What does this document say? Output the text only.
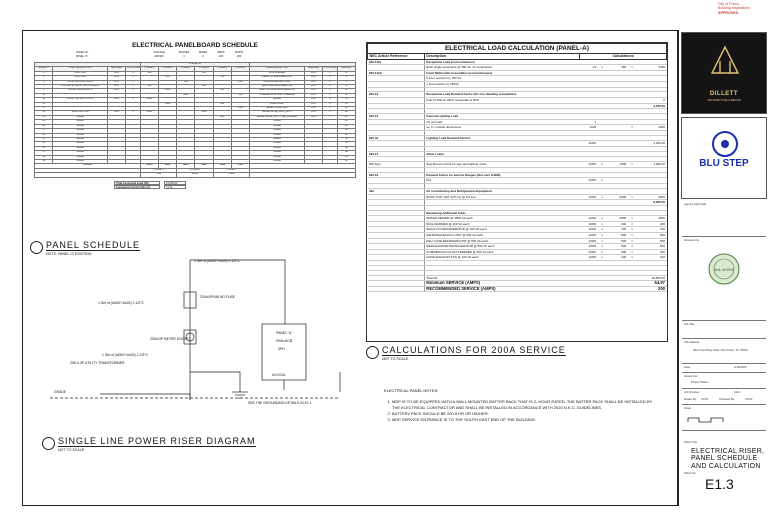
City of Frisco
Building Inspections
APPROVED
ELECTRICAL PANELBOARD SCHEDULE
PANEL ID	VOLTAGE	PHASES	WIRES	AMPS	MAINS
PANEL "A"	208/120	3	4	225	200
				PHASE VA									
BRANCH	LOAD DESCRIPTION	BREAKER	# OF POLES	PHASE A	PHASE B	PHASE C	PHASE A	PHASE B	PHASE C	LOAD DESCRIPTION	BREAKER	# OF POLES	BRANCH
1	LIGHTING	20 A	1	600			200			RICE WARMER	20 A	1	2
3	LIGHTING	20 A	1		300			700		REACH IN REFRIGERATOR	20 A	1	4
5	TOILET EXHAUST FAN 1	20 A	1			100			800	MICROWAVE/HALO UNIT	20 A	1	6
7	KITCHEN EXHAUST FAN 1/2/3/4/5/6	20 A	1	550			500			DELI CASE REFRIGERATOR	20 A	1	8
9	WATER HEATER WH-1	20 A	1		4500			500		MERCHANDISE REFRIGERATOR	20 A	1	10
11						4500			500	COMMERCIAL FILLET FREEZER	20 A	1	12
13	ROOF TOP UNIT, RTU-1	30 A	2	3000						SPARE	20 A	1	14
15					3000			500		RICE STEAL	20 A	1	16
17									1500	RECEPTACLE_GFCI	20 A	1	18
19	SIGN LIGHTING	20 A	1	1000			1500			RECEPTACLE_GFCI_WITH	20 A	1	20
21	SPARE							800		RECEPTACLE_ALL OTHER_BUILDER	20 A	1	22
23	SPARE									SPARE			24
25	SPARE									SPARE			26
27	SPARE									SPARE			28
29	SPARE									SPARE			30
31	SPARE									SPARE			32
33	SPARE									SPARE			34
35	SPARE									SPARE			36
37	SPARE									SPARE			38
39	SPARE									SPARE			40
41	SPARE									SPARE			42
TOTALS				10000	9800	9800	5900	4500	5500				
				PHASE A		PHASE B		PHASE C					
				7600		12000		13900					
Total Connected Load (VA)	21,000.00
Connected Current Calc (A)	71.71
ELECTRICAL LOAD CALCULATION (PANEL-A)						
NEC Article Reference	Description	Calculations				
220.14(I)	Receptacle Load (noncontinuous)					
	Each single receptacle @ 180 VA, 21 receptacles	21	x	180	=	3780
220.14(A)	Fixed Multioutlet Assemblies (noncontinuous)					
	5 Feet sections by 180 VA					
	1 Foot section by 180VA					

220.13	Receptacle Load Demand Factor (for non-dwelling receptacles)					
	First 10,000 at 100% receptable at 50%					0
						3,780.00

220.12	General Lighting Load					
	VA unit load	1				
	sq. Ft. outside dimensions	1625			=	1625

220.42	Lighting Load Demand Factors					
		100%				1,625.00

220.14	Other Loads					

600.5(A)	Sign Branch circuit for sign and lighting outlet	100%	x	1000	=	1,000.00

220.16	Demand Factor for electric Ranges (Not over 8.3kW)					
	N/A	100%	x			-

440	Air Conditioning and Refrigeration Equipment					
	ROOF TOP UNIT (RTU-1) @ 6.0 kva	100%	x	6000	=	6000
						6,000.00

	Remaining Additional loads					
	WATER HEATER @ 4500 VA each	100%	x	4500	=	4500
	RICE WARMER @ 200 VA each	100%	x	200	=	200
	REACH IN REFRIGERATOR @ 700 VA each	100%	x	700	=	700
	MICROWAVE/HALO UNIT @ 800 VA each	100%	x	800	=	800
	DELI CASE REFRIGERATOR @ 500 VA each	100%	x	500	=	500
	MERCHANDISE REFRIGERATOR @ 500 VA each	100%	x	500	=	500
	COMMERCIAL FILLET FREEZER @ 500 VA each	100%	x	500	=	500
	HOOD EXHAUST FAN @ 100 VA each	100%	x	100	=	100

	Total VA					19,805.00
	Minimum SERVICE (AMPS)					54.97
	RECOMMENDED SERVICE (AMPS)					200
PANEL SCHEDULE
NOTE: PANEL IS EXISTING
SINGLE LINE POWER RISER DIAGRAM
NOT TO SCALE
CALCULATIONS FOR 200A SERVICE
NOT TO SCALE
1 Set of (4#3/0+1#4G) 2-1/2"C
1 Set of (4#3/0+1#4G) 2-1/2"C
1 Set of (4#3/0+1#4G) 2-1/2"C
200A/3P/4W NO FUSE
200A/3P METER SOCKET
208 V-3P UTILITY TRANSFORMER
GRADE
PANEL "A"
200A MCB
3PH
#CXXXA
SEE THE GROUNDING DETAILS IN E1.1
ELECTRICAL PANEL NOTES:
1. MDP IS TO BE EQUIPPED WITH A WALL MOUNTED BATTER BACK THAT IS 2- HOUR RATED. THE BATTER PACK SHALL BE INSTALLED BY THE ELECTRICAL CONTRACTOR AND SHALL BE INSTALLED IN ACCORDANCE WITH 2020 N.E.C. GUIDELINES.
2. BATTERY PACK SHOULD BE 200 A HR OR HIGHER.
3. MDP SERVICE ENTRANCE IS TO THE SOUTH EAST END OF THE BUILDING.
DILLETT
ARCHITECTURE & DESIGN
BLU STEP
Agency Approvals
Revision No.
ANIL NOORA
Job Title
Job Address
3511 Teel Pkwy Suite 104, Frisco, TX 75033
Date:	2/19/2025
Issued For:
Project Status
Job Number:	2411
Drawn By: XXXX	Checked By:	XXXX
Scale
Sheet Title
ELECTRICAL RISER, PANEL SCHEDULE AND CALCULATION
Sheet No.
E1.3
